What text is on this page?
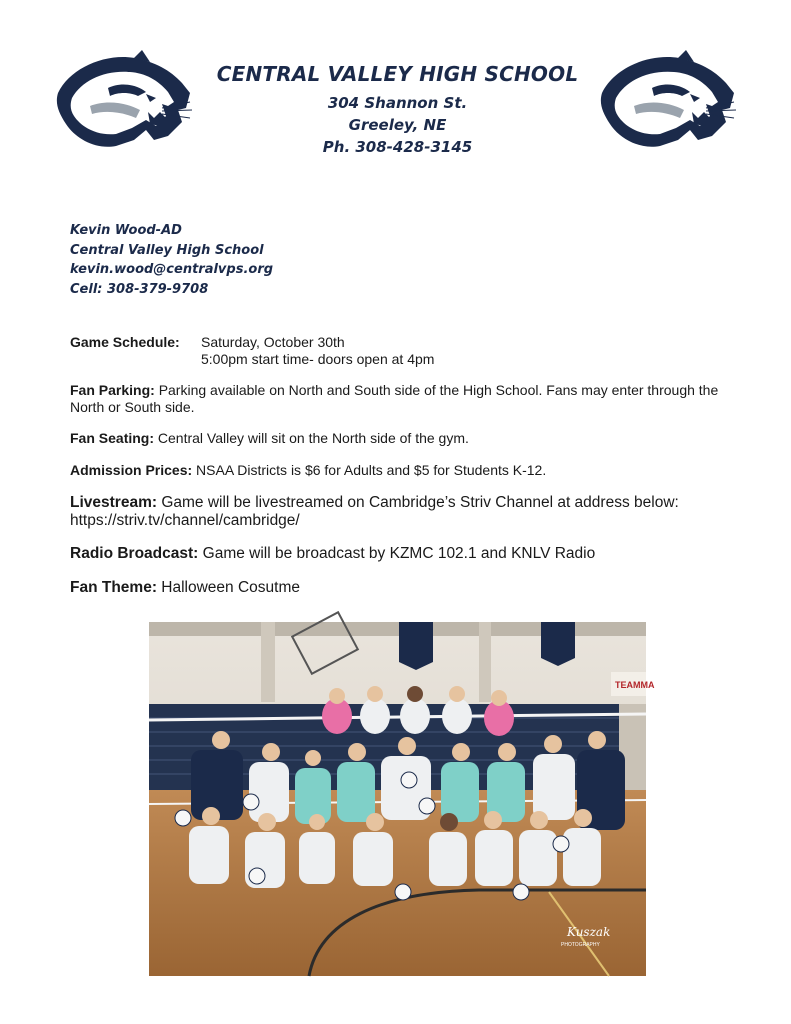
CENTRAL VALLEY HIGH SCHOOL
304 Shannon St.
Greeley, NE
Ph. 308-428-3145
Kevin Wood-AD
Central Valley High School
kevin.wood@centralvps.org
Cell: 308-379-9708
Game Schedule:	Saturday, October 30th
5:00pm start time- doors open at 4pm
Fan Parking: Parking available on North and South side of the High School. Fans may enter through the North or South side.
Fan Seating: Central Valley will sit on the North side of the gym.
Admission Prices: NSAA Districts is $6 for Adults and $5 for Students K-12.
Livestream: Game will be livestreamed on Cambridge’s Striv Channel at address below:
https://striv.tv/channel/cambridge/
Radio Broadcast: Game will be broadcast by KZMC 102.1 and KNLV Radio
Fan Theme: Halloween Cosutme
TEAMMA
Kuszak
PHOTOGRAPHY
